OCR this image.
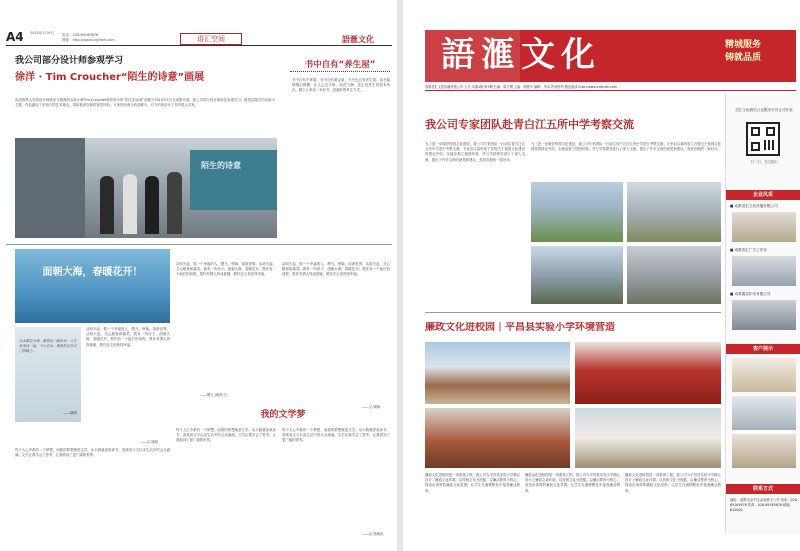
A4 2015年2月9日 电话：028-69169676
网址：http://www.cdyhwh.com	语汇空间	語滙文化
我公司部分设计师参观学习
徐洋 · Tim Croucher“陌生的诗意”画展
由成都華人知名设计师徐洋与瑞典知名设计师Tim Croucher联袂举办的“陌生的诗意”画展于2015年1月在成都开幕，我公司部分设计师前往参观学习。展览以陌生的诗意为主题，作品融合了东西方的艺术理念，带给观者全新的视觉体验。大家纷纷表示收获颇丰，对今后的设计工作有很大启发。
陌生的诗意
书中自有“养生屋”
书中自有千钟粟，书中自有黄金屋，书中也自有养生屋。读书能够陶冶情操，让人心态平和、淡泊宁静，这正是养生的根本所在。静下心来读一本好书，是最好的养生方式。
面朝大海，春暖花开！
从来都是远途，都说远一路坎坷，人生负重过一道，千山万水，我依然走在自己的路上。
——晓风
从明天起，做一个幸福的人，喂马，劈柴，周游世界。从明天起，关心粮食和蔬菜。我有一所房子，面朝大海，春暖花开。愿你有一个灿烂的前程，愿你有情人终成眷属，愿你在尘世获得幸福。
——文 晓晓
从明天起，做一个幸福的人，喂马，劈柴，周游世界。从明天起，关心粮食和蔬菜。我有一所房子，面朝大海，春暖花开。愿你有一个灿烂的前程，愿你有情人终成眷属，愿你在尘世获得幸福。
从明天起，做一个幸福的人，喂马，劈柴，周游世界。从明天起，关心粮食和蔬菜。我有一所房子，面朝大海，春暖花开。愿你有一个灿烂的前程，愿你有情人终成眷属，愿你在尘世获得幸福。
——文 晓晓
我的文学梦
每个人心中都有一个梦想，而我的梦想就是文学。从小我就喜欢读书，喜欢用文字记录生活中的点点滴滴。文学让我学会了思考，让我看到了更广阔的世界。
每个人心中都有一个梦想，而我的梦想就是文学。从小我就喜欢读书，喜欢用文字记录生活中的点点滴滴。文学让我学会了思考，让我看到了更广阔的世界。
每个人心中都有一个梦想，而我的梦想就是文学。从小我就喜欢读书，喜欢用文字记录生活中的点点滴滴。文学让我学会了思考，让我看到了更广阔的世界。
——文 杨晓凤
——撰文 [晓风子]
語滙文化	精城服务
铸就品质
成都语汇文化传播有限公司 主办 本期4版 第3期 总编：陈万钢 主编：陈俊平 编辑：李卓 内部资料 赠送阅读 http://www.cdyhwh.com
我公司专家团队赴青白江五所中学考察交流
为了进一步做好校园文化建设，我公司专家团队一行前往青白江区五所中学进行考察交流。专家们认真听取了各校关于校园文化建设的情况介绍，实地参观了校园环境，并与学校领导进行了深入交流，提出了许多宝贵的意见和建议，受到各校的一致好评。
为了进一步做好校园文化建设，我公司专家团队一行前往青白江区五所中学进行考察交流。专家们认真听取了各校关于校园文化建设的情况介绍，实地参观了校园环境，并与学校领导进行了深入交流，提出了许多宝贵的意见和建议，受到各校的一致好评。
语汇文化微信公众服务平台正式开放
扫一扫，关注我们
企业风采
■ 成都语汇文化传播有限公司
■ 成都语汇广告工作室
■ 成都鑫语印务有限公司
客户展示
联系方式
地址：成都市金牛区金泉路十八号 电话：028-69169676 传真：028-69169676 邮编：610000
廉政文化进校园｜平昌县实验小学环境营造
廉政文化进校园是一项系统工程，我公司为平昌县实验小学精心设计了廉政文化环境，以传统文化为底蕴，以廉洁教育为核心，营造出浓厚的廉政文化氛围，让学生在潜移默化中接受廉洁教育。
廉政文化进校园是一项系统工程，我公司为平昌县实验小学精心设计了廉政文化环境，以传统文化为底蕴，以廉洁教育为核心，营造出浓厚的廉政文化氛围，让学生在潜移默化中接受廉洁教育。
廉政文化进校园是一项系统工程，我公司为平昌县实验小学精心设计了廉政文化环境，以传统文化为底蕴，以廉洁教育为核心，营造出浓厚的廉政文化氛围，让学生在潜移默化中接受廉洁教育。
